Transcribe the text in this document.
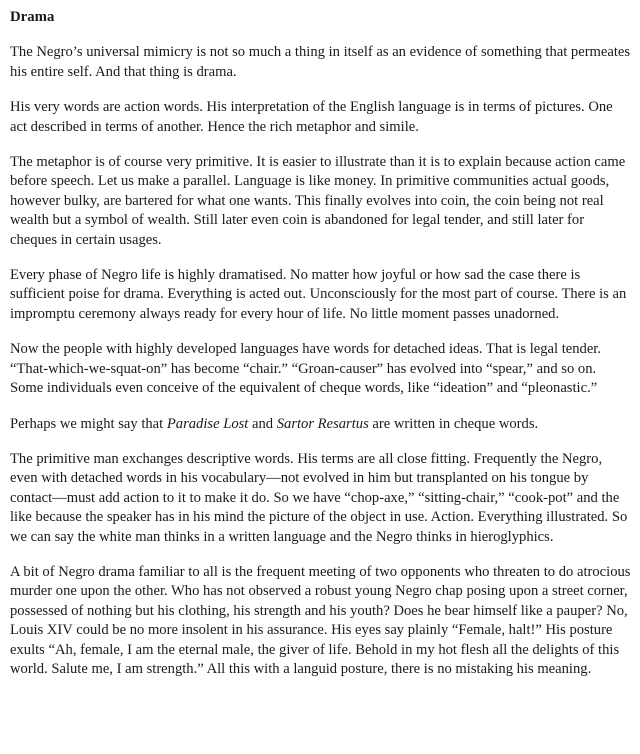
Drama

The Negro’s universal mimicry is not so much a thing in itself as an evidence of something that permeates his entire self. And that thing is drama.

His very words are action words. His interpretation of the English language is in terms of pictures. One act described in terms of another. Hence the rich metaphor and simile.

The metaphor is of course very primitive. It is easier to illustrate than it is to explain because action came before speech. Let us make a parallel. Language is like money. In primitive communities actual goods, however bulky, are bartered for what one wants. This finally evolves into coin, the coin being not real wealth but a symbol of wealth. Still later even coin is abandoned for legal tender, and still later for cheques in certain usages.

Every phase of Negro life is highly dramatised. No matter how joyful or how sad the case there is sufficient poise for drama. Everything is acted out. Unconsciously for the most part of course. There is an impromptu ceremony always ready for every hour of life. No little moment passes unadorned.

Now the people with highly developed languages have words for detached ideas. That is legal tender. “That-which-we-squat-on” has become “chair.” “Groan-causer” has evolved into “spear,” and so on. Some individuals even conceive of the equivalent of cheque words, like “ideation” and “pleonastic.”

Perhaps we might say that Paradise Lost and Sartor Resartus are written in cheque words.

The primitive man exchanges descriptive words. His terms are all close fitting. Frequently the Negro, even with detached words in his vocabulary—not evolved in him but transplanted on his tongue by contact—must add action to it to make it do. So we have “chop-axe,” “sitting-chair,” “cook-pot” and the like because the speaker has in his mind the picture of the object in use. Action. Everything illustrated. So we can say the white man thinks in a written language and the Negro thinks in hieroglyphics.

A bit of Negro drama familiar to all is the frequent meeting of two opponents who threaten to do atrocious murder one upon the other. Who has not observed a robust young Negro chap posing upon a street corner, possessed of nothing but his clothing, his strength and his youth? Does he bear himself like a pauper? No, Louis XIV could be no more insolent in his assurance. His eyes say plainly “Female, halt!” His posture exults “Ah, female, I am the eternal male, the giver of life. Behold in my hot flesh all the delights of this world. Salute me, I am strength.” All this with a languid posture, there is no mistaking his meaning.
